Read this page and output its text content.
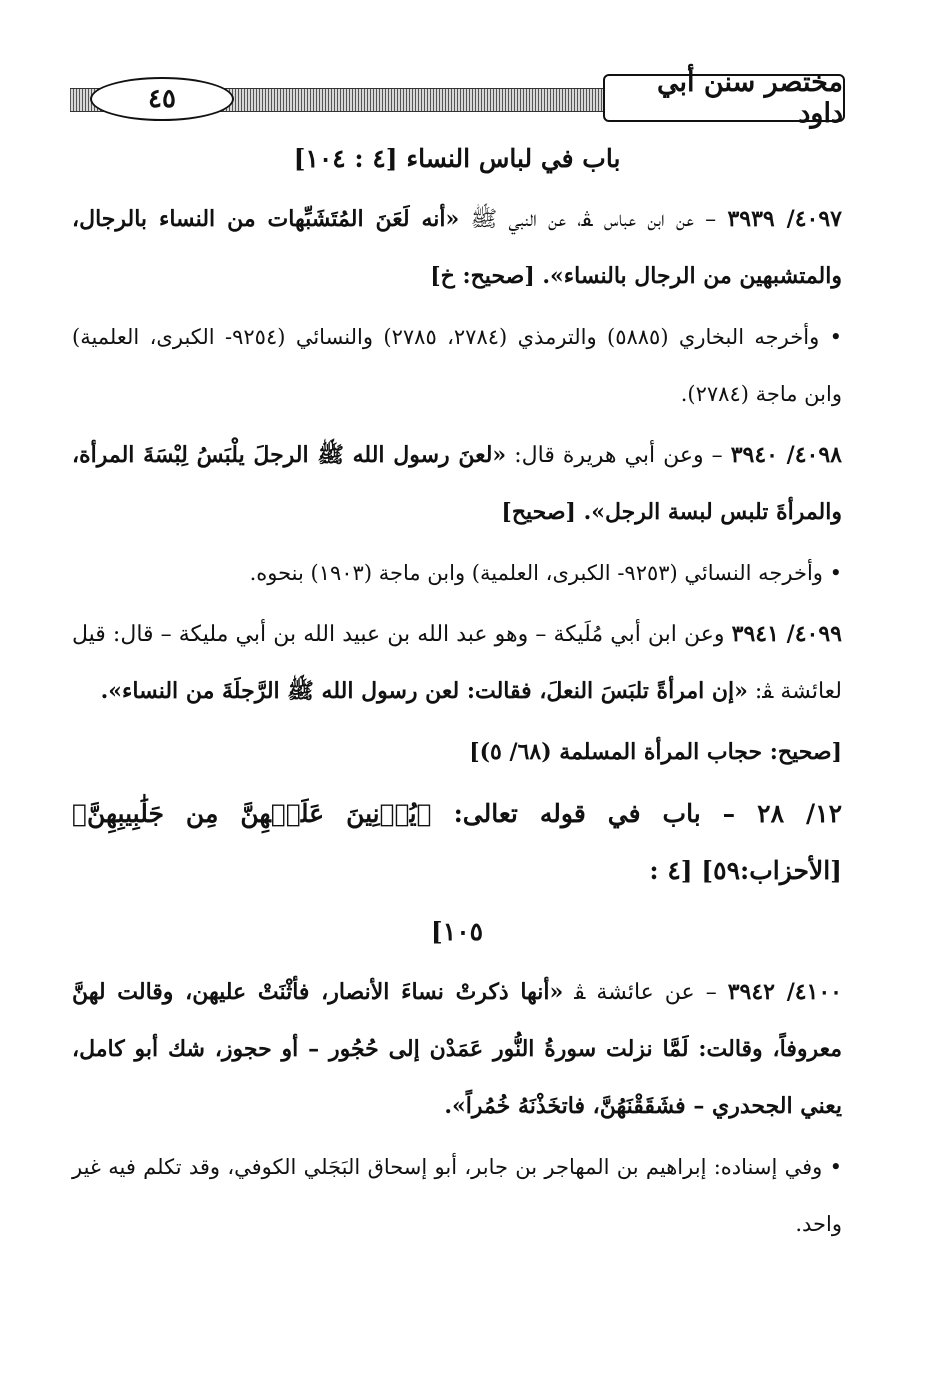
٤٥
مختصر سنن أبي داود

باب في لباس النساء [٤ : ١٠٤]

٤٠٩٧/ ٣٩٣٩ – عن ابن عباس ﭭ، عن النبي ﷺ «أنه لَعَنَ المُتَشَبِّهات من النساء بالرجال، والمتشبهين من الرجال بالنساء». [صحيح: خ]

• وأخرجه البخاري (٥٨٨٥) والترمذي (٢٧٨٤، ٢٧٨٥) والنسائي (٩٢٥٤- الكبرى، العلمية) وابن ماجة (٢٧٨٤).

٤٠٩٨/ ٣٩٤٠ – وعن أبي هريرة قال: «لعنَ رسول الله ﷺ الرجلَ يلْبَسُ لِبْسَةَ المرأة، والمرأةَ تلبس لبسة الرجل». [صحيح]

• وأخرجه النسائي (٩٢٥٣- الكبرى، العلمية) وابن ماجة (١٩٠٣) بنحوه.

٤٠٩٩/ ٣٩٤١ وعن ابن أبي مُلَيكة – وهو عبد الله بن عبيد الله بن أبي مليكة – قال: قيل لعائشة ﭭ: «إن امرأةً تلبَسَ النعلَ، فقالت: لعن رسول الله ﷺ الرَّجلَةَ من النساء».

[صحيح: حجاب المرأة المسلمة (٦٨/ ٥)]

١٢/ ٢٨ – باب في قوله تعالى: ﴿يُدۡنِينَ عَلَيۡهِنَّ مِن جَلَٰبِيبِهِنَّ﴾[الأحزاب:٥٩] [٤ :

١٠٥]

٤١٠٠/ ٣٩٤٢ – عن عائشة ﭭ «أنها ذكرتْ نساءَ الأنصار، فأثْنَتْ عليهن، وقالت لهنَّ معروفاً، وقالت: لَمَّا نزلت سورةُ النُّور عَمَدْن إلى حُجُور – أو حجوز، شك أبو كامل، يعني الجحدري – فشَقَقْنَهُنَّ، فاتخَذْنَهُ خُمُراً».

• وفي إسناده: إبراهيم بن المهاجر بن جابر، أبو إسحاق البَجَلي الكوفي، وقد تكلم فيه غير واحد.
